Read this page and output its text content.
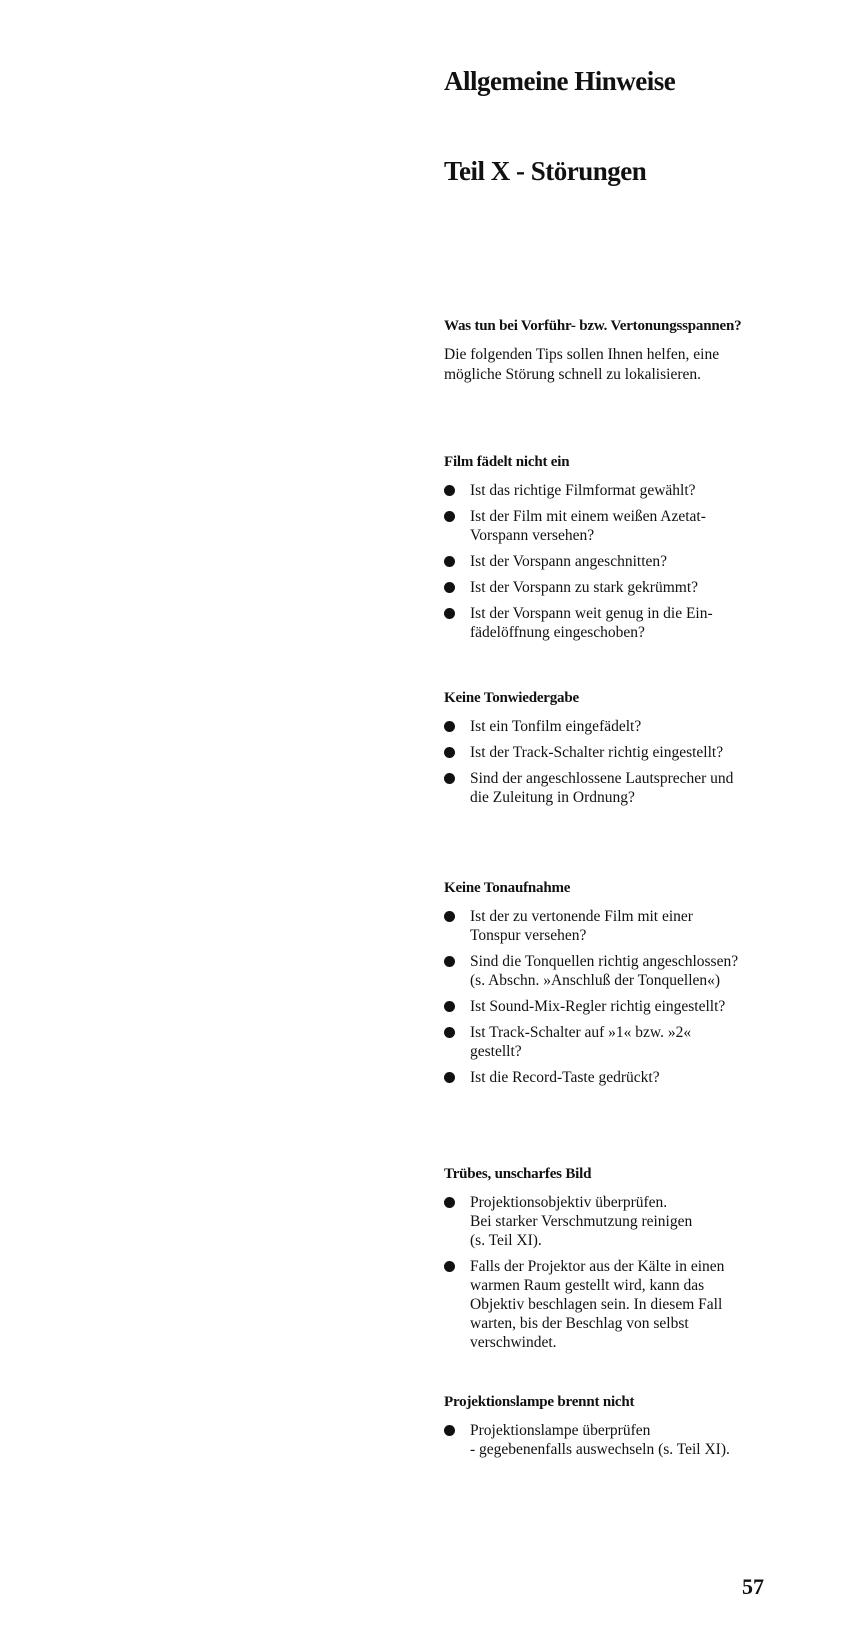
Allgemeine Hinweise
Teil X - Störungen
Was tun bei Vorführ- bzw. Vertonungsspannen?

Die folgenden Tips sollen Ihnen helfen, eine
mögliche Störung schnell zu lokalisieren.

Film fädelt nicht ein
Ist das richtige Filmformat gewählt?
Ist der Film mit einem weißen Azetat-
Vorspann versehen?
Ist der Vorspann angeschnitten?
Ist der Vorspann zu stark gekrümmt?
Ist der Vorspann weit genug in die Ein-
fädelöffnung eingeschoben?
Keine Tonwiedergabe
Ist ein Tonfilm eingefädelt?
Ist der Track-Schalter richtig eingestellt?
Sind der angeschlossene Lautsprecher und
die Zuleitung in Ordnung?
Keine Tonaufnahme
Ist der zu vertonende Film mit einer
Tonspur versehen?
Sind die Tonquellen richtig angeschlossen?
(s. Abschn. »Anschluß der Tonquellen«)
Ist Sound-Mix-Regler richtig eingestellt?
Ist Track-Schalter auf »1« bzw. »2«
gestellt?
Ist die Record-Taste gedrückt?
Trübes, unscharfes Bild
Projektionsobjektiv überprüfen.
Bei starker Verschmutzung reinigen
(s. Teil XI).
Falls der Projektor aus der Kälte in einen
warmen Raum gestellt wird, kann das
Objektiv beschlagen sein. In diesem Fall
warten, bis der Beschlag von selbst
verschwindet.
Projektionslampe brennt nicht
Projektionslampe überprüfen
- gegebenenfalls auswechseln (s. Teil XI).

57
